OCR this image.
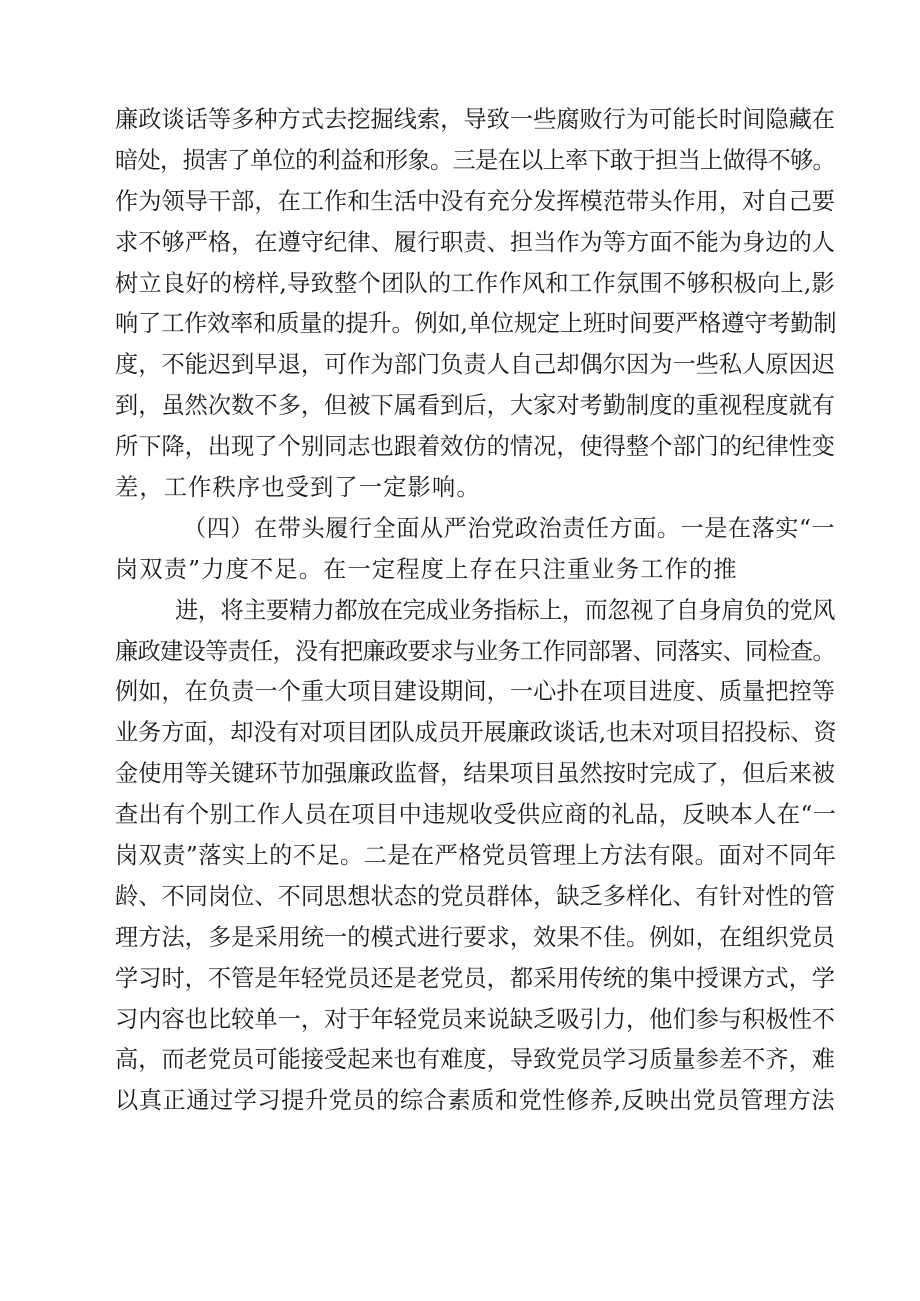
廉政谈话等多种方式去挖掘线索，导致一些腐败行为可能长时间隐藏在
暗处，损害了单位的利益和形象。三是在以上率下敢于担当上做得不够。
作为领导干部，在工作和生活中没有充分发挥模范带头作用，对自己要
求不够严格，在遵守纪律、履行职责、担当作为等方面不能为身边的人
树立良好的榜样,导致整个团队的工作作风和工作氛围不够积极向上,影
响了工作效率和质量的提升。例如,单位规定上班时间要严格遵守考勤制
度，不能迟到早退，可作为部门负责人自己却偶尔因为一些私人原因迟
到，虽然次数不多，但被下属看到后，大家对考勤制度的重视程度就有
所下降，出现了个别同志也跟着效仿的情况，使得整个部门的纪律性变
差，工作秩序也受到了一定影响。
（四）在带头履行全面从严治党政治责任方面。一是在落实“一
岗双责”力度不足。在一定程度上存在只注重业务工作的推
进，将主要精力都放在完成业务指标上，而忽视了自身肩负的党风
廉政建设等责任，没有把廉政要求与业务工作同部署、同落实、同检查。
例如，在负责一个重大项目建设期间，一心扑在项目进度、质量把控等
业务方面，却没有对项目团队成员开展廉政谈话,也未对项目招投标、资
金使用等关键环节加强廉政监督，结果项目虽然按时完成了，但后来被
查出有个别工作人员在项目中违规收受供应商的礼品，反映本人在“一
岗双责”落实上的不足。二是在严格党员管理上方法有限。面对不同年
龄、不同岗位、不同思想状态的党员群体，缺乏多样化、有针对性的管
理方法，多是采用统一的模式进行要求，效果不佳。例如，在组织党员
学习时，不管是年轻党员还是老党员，都采用传统的集中授课方式，学
习内容也比较单一，对于年轻党员来说缺乏吸引力，他们参与积极性不
高，而老党员可能接受起来也有难度，导致党员学习质量参差不齐，难
以真正通过学习提升党员的综合素质和党性修养,反映出党员管理方法
